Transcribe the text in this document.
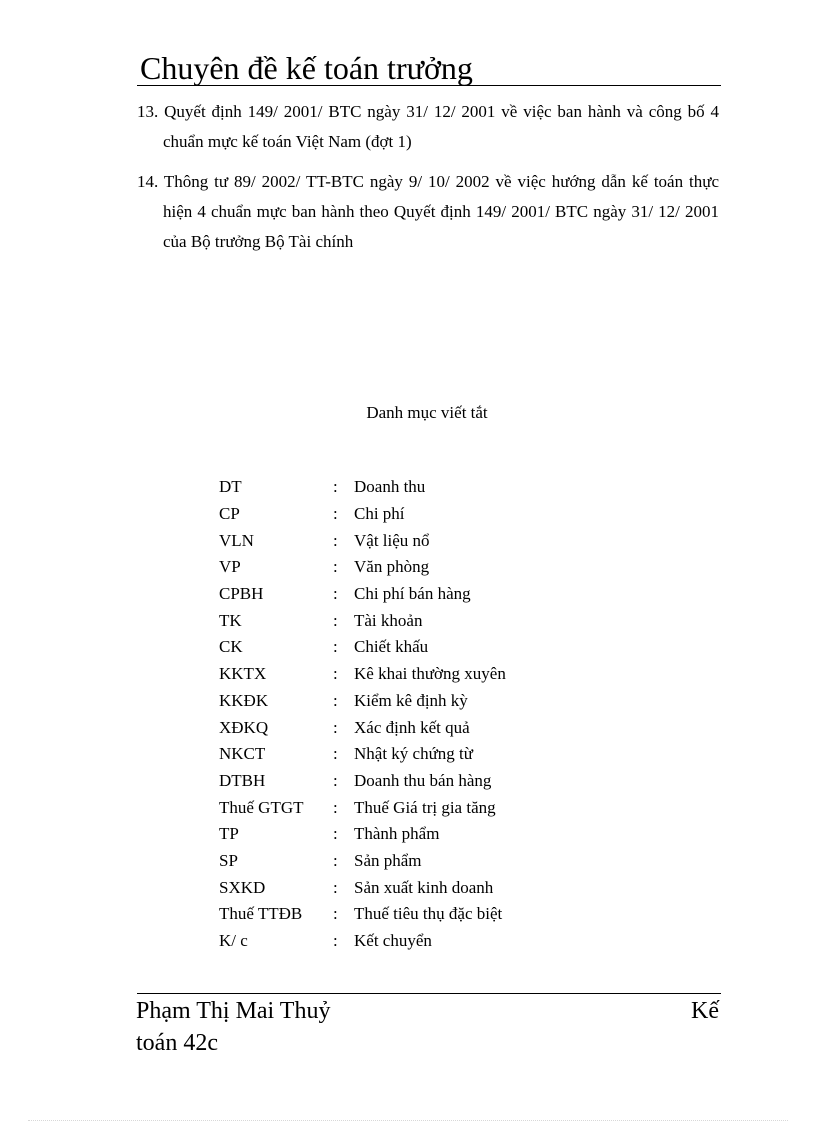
Chuyên đề kế toán trưởng
13. Quyết định 149/ 2001/ BTC ngày 31/ 12/ 2001 về việc ban hành và công bố 4 chuẩn mực kế toán Việt Nam (đợt 1)
14. Thông tư 89/ 2002/ TT-BTC ngày 9/ 10/ 2002 về việc hướng dẫn kế toán thực hiện 4 chuẩn mực ban hành theo Quyết định 149/ 2001/ BTC ngày 31/ 12/ 2001 của Bộ trưởng Bộ Tài chính
Danh mục viết tắt
DT	: Doanh thu
CP	: Chi phí
VLN	: Vật liệu nổ
VP	: Văn phòng
CPBH	: Chi phí bán hàng
TK	: Tài khoản
CK	: Chiết khấu
KKTX	: Kê khai thường xuyên
KKĐK	: Kiểm kê định kỳ
XĐKQ	: Xác định kết quả
NKCT	: Nhật ký chứng từ
DTBH	: Doanh thu bán hàng
Thuế GTGT	: Thuế Giá trị gia tăng
TP	: Thành phẩm
SP	: Sản phẩm
SXKD	: Sản xuất kinh doanh
Thuế TTĐB	: Thuế tiêu thụ đặc biệt
K/ c	: Kết chuyển
Phạm Thị Mai Thuỷ	Kế
toán 42c
